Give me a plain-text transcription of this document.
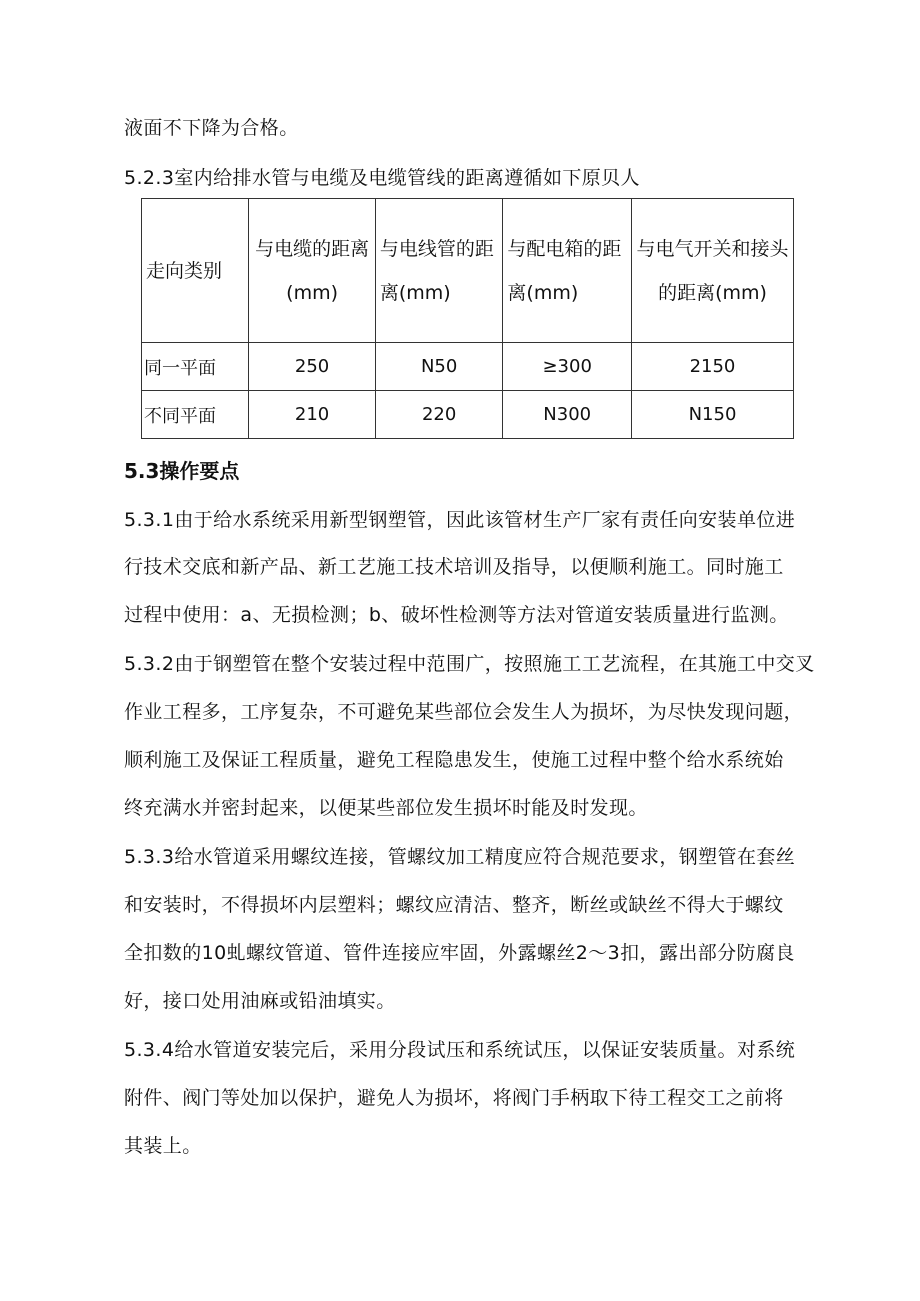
液面不下降为合格。
5.2.3室内给排水管与电缆及电缆管线的距离遵循如下原贝人
走向类别	与电缆的距离(mm)	与电线管的距离(mm)	与配电箱的距离(mm)	与电气开关和接头的距离(mm)
同一平面	250	N50	≥300	2150
不同平面	210	220	N300	N150
5.3操作要点
5.3.1由于给水系统采用新型钢塑管，因此该管材生产厂家有责任向安装单位进
行技术交底和新产品、新工艺施工技术培训及指导，以便顺利施工。同时施工
过程中使用：a、无损检测；b、破坏性检测等方法对管道安装质量进行监测。
5.3.2由于钢塑管在整个安装过程中范围广，按照施工工艺流程，在其施工中交叉
作业工程多，工序复杂，不可避免某些部位会发生人为损坏，为尽快发现问题，
顺利施工及保证工程质量，避免工程隐患发生，使施工过程中整个给水系统始
终充满水并密封起来，以便某些部位发生损坏时能及时发现。
5.3.3给水管道采用螺纹连接，管螺纹加工精度应符合规范要求，钢塑管在套丝
和安装时，不得损坏内层塑料；螺纹应清洁、整齐，断丝或缺丝不得大于螺纹
全扣数的10虬螺纹管道、管件连接应牢固，外露螺丝2～3扣，露出部分防腐良
好，接口处用油麻或铅油填实。
5.3.4给水管道安装完后，采用分段试压和系统试压，以保证安装质量。对系统
附件、阀门等处加以保护，避免人为损坏，将阀门手柄取下待工程交工之前将
其装上。
